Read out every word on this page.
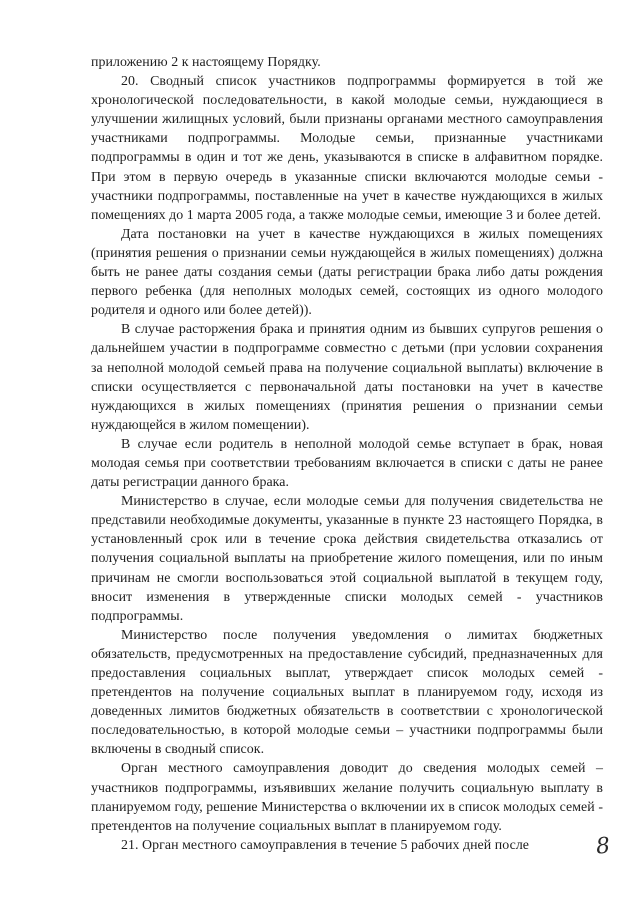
приложению 2 к настоящему Порядку.

20. Сводный список участников подпрограммы формируется в той же хронологической последовательности, в какой молодые семьи, нуждающиеся в улучшении жилищных условий, были признаны органами местного самоуправления участниками подпрограммы. Молодые семьи, признанные участниками подпрограммы в один и тот же день, указываются в списке в алфавитном порядке. При этом в первую очередь в указанные списки включаются молодые семьи - участники подпрограммы, поставленные на учет в качестве нуждающихся в жилых помещениях до 1 марта 2005 года, а также молодые семьи, имеющие 3 и более детей.

Дата постановки на учет в качестве нуждающихся в жилых помещениях (принятия решения о признании семьи нуждающейся в жилых помещениях) должна быть не ранее даты создания семьи (даты регистрации брака либо даты рождения первого ребенка (для неполных молодых семей, состоящих из одного молодого родителя и одного или более детей)).

В случае расторжения брака и принятия одним из бывших супругов решения о дальнейшем участии в подпрограмме совместно с детьми (при условии сохранения за неполной молодой семьей права на получение социальной выплаты) включение в списки осуществляется с первоначальной даты постановки на учет в качестве нуждающихся в жилых помещениях (принятия решения о признании семьи нуждающейся в жилом помещении).

В случае если родитель в неполной молодой семье вступает в брак, новая молодая семья при соответствии требованиям включается в списки с даты не ранее даты регистрации данного брака.

Министерство в случае, если молодые семьи для получения свидетельства не представили необходимые документы, указанные в пункте 23 настоящего Порядка, в установленный срок или в течение срока действия свидетельства отказались от получения социальной выплаты на приобретение жилого помещения, или по иным причинам не смогли воспользоваться этой социальной выплатой в текущем году, вносит изменения в утвержденные списки молодых семей - участников подпрограммы.

Министерство после получения уведомления о лимитах бюджетных обязательств, предусмотренных на предоставление субсидий, предназначенных для предоставления социальных выплат, утверждает список молодых семей - претендентов на получение социальных выплат в планируемом году, исходя из доведенных лимитов бюджетных обязательств в соответствии с хронологической последовательностью, в которой молодые семьи – участники подпрограммы были включены в сводный список.

Орган местного самоуправления доводит до сведения молодых семей – участников подпрограммы, изъявивших желание получить социальную выплату в планируемом году, решение Министерства о включении их в список молодых семей - претендентов на получение социальных выплат в планируемом году.

21. Орган местного самоуправления в течение 5 рабочих дней после	8
